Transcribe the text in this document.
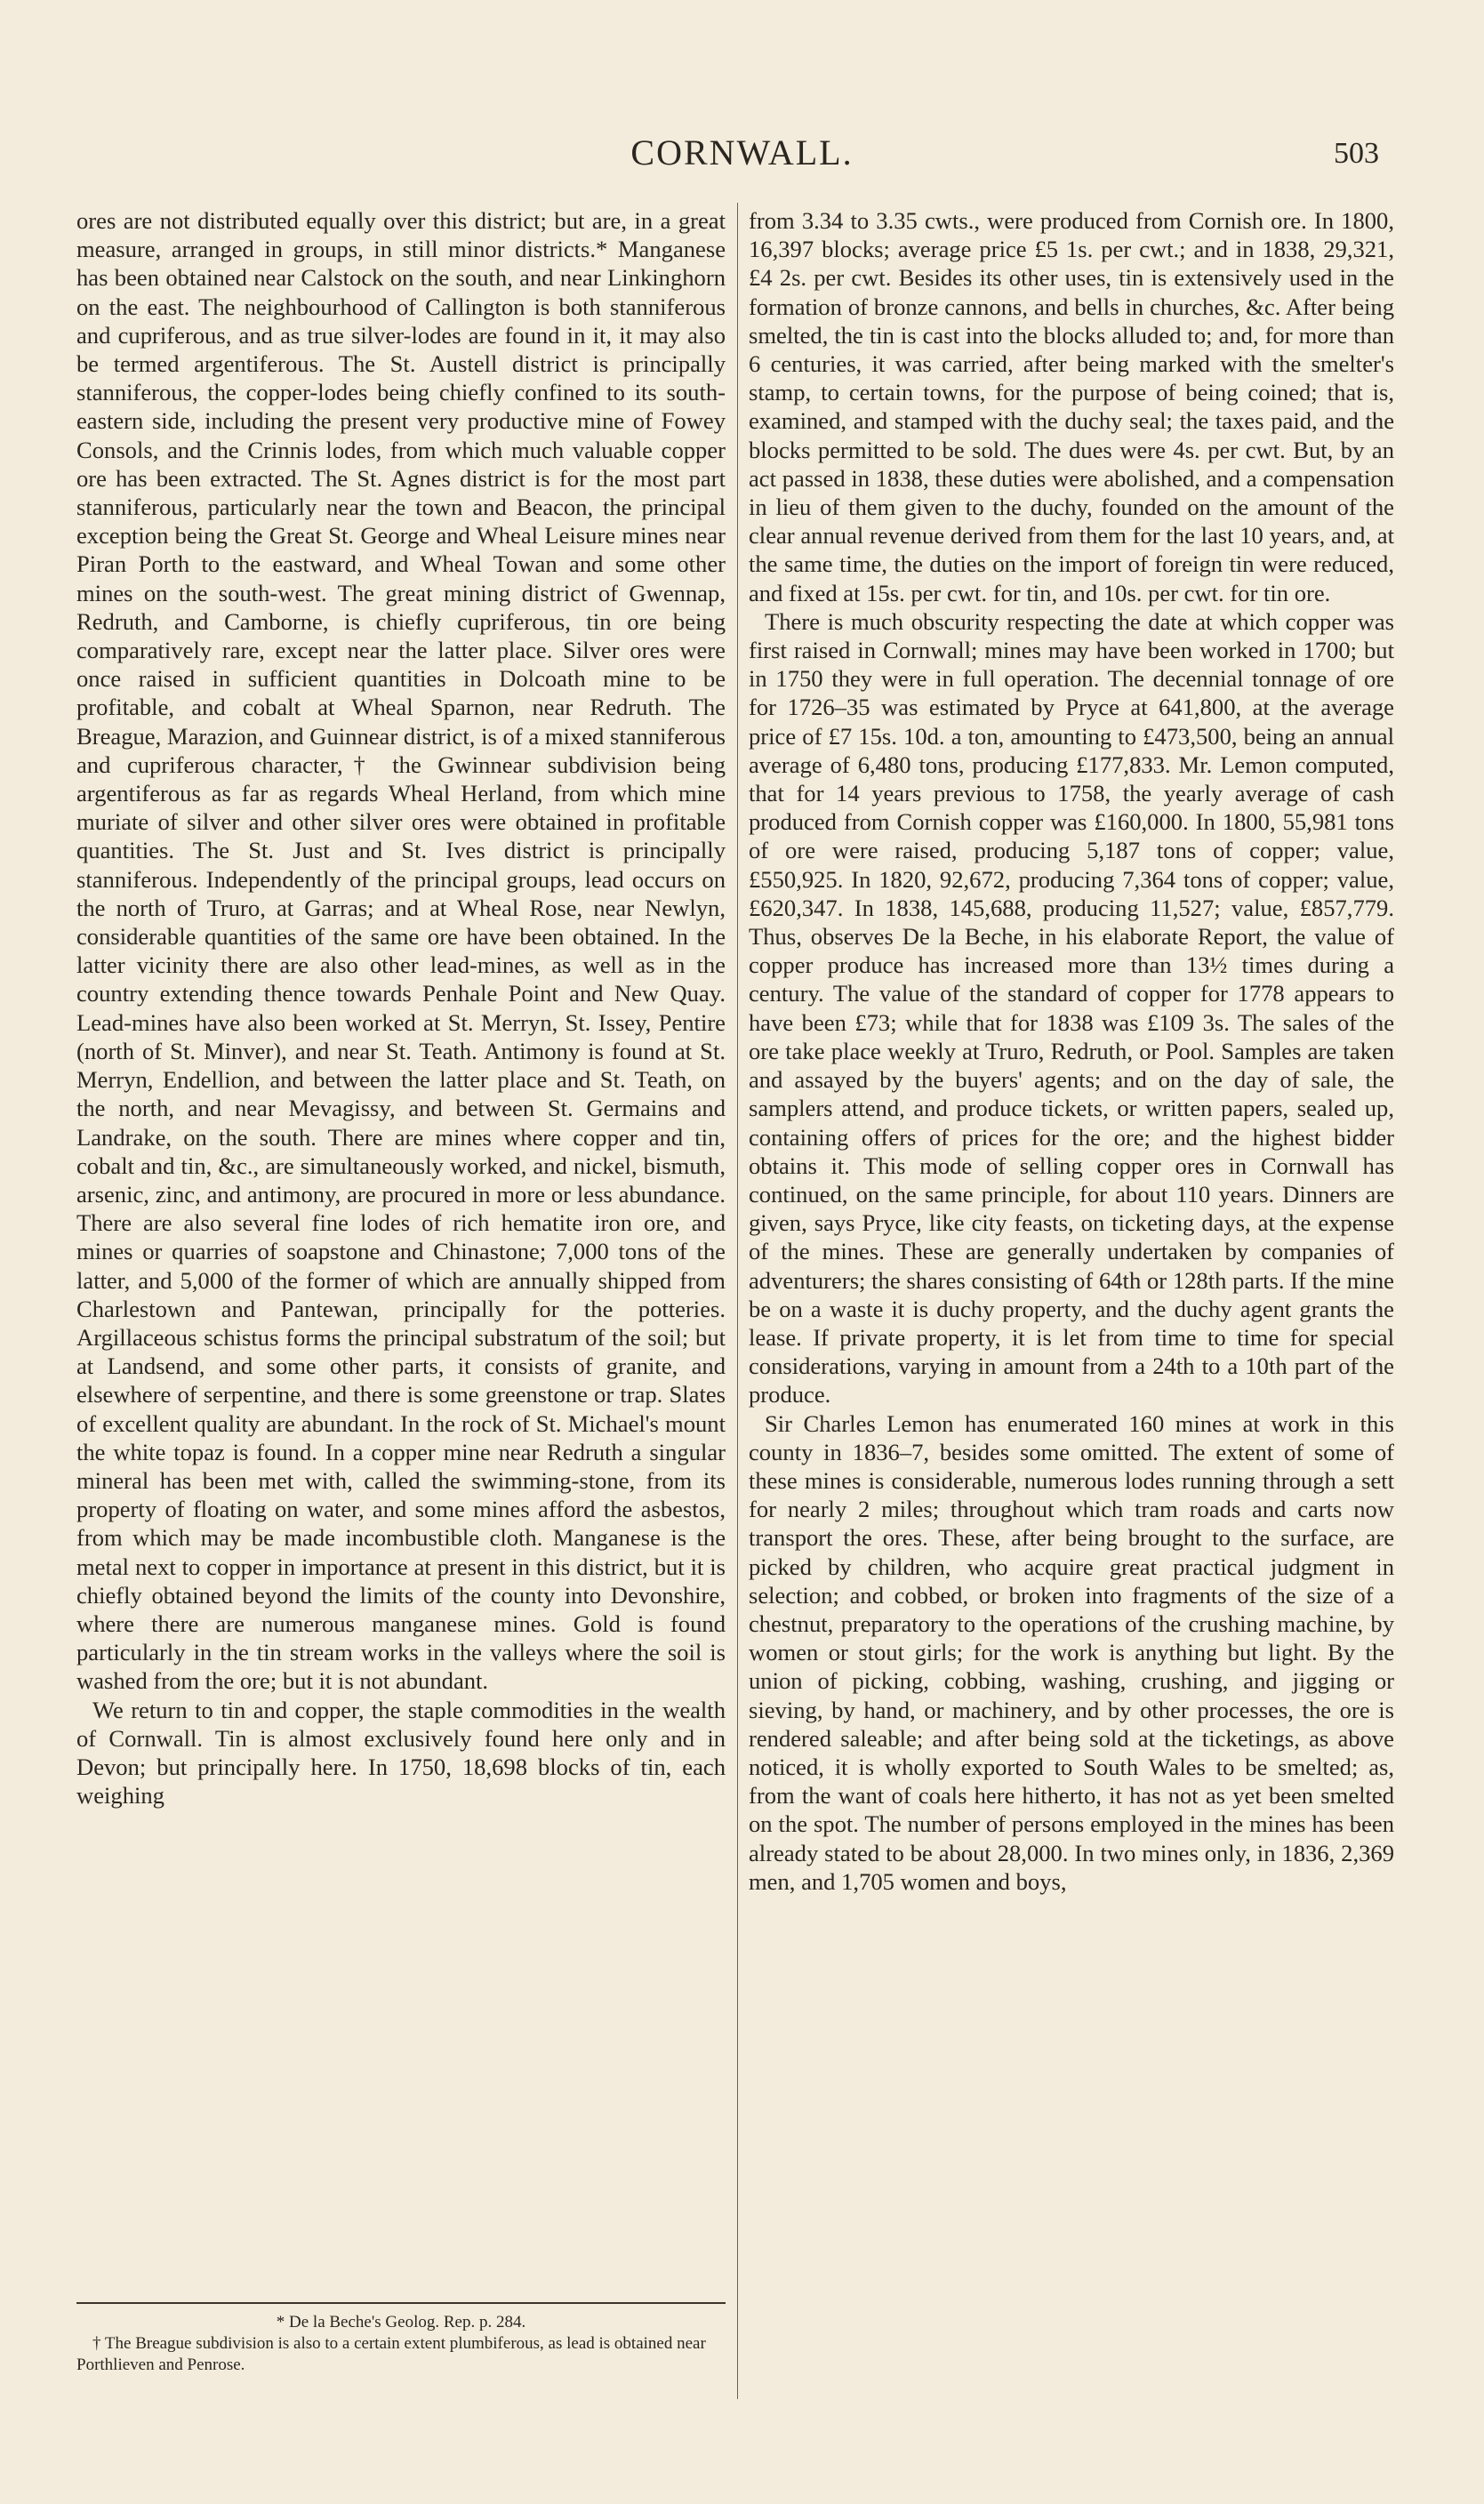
CORNWALL.	503

ores are not distributed equally over this district; but are, in a great measure, arranged in groups, in still minor districts.* Manganese has been obtained near Calstock on the south, and near Linkinghorn on the east. The neighbourhood of Callington is both stanniferous and cupriferous, and as true silver-lodes are found in it, it may also be termed argentiferous. The St. Austell district is principally stanniferous, the copper-lodes being chiefly confined to its south-eastern side, including the present very productive mine of Fowey Consols, and the Crinnis lodes, from which much valuable copper ore has been extracted. The St. Agnes district is for the most part stanniferous, particularly near the town and Beacon, the principal exception being the Great St. George and Wheal Leisure mines near Piran Porth to the eastward, and Wheal Towan and some other mines on the south-west. The great mining district of Gwennap, Redruth, and Camborne, is chiefly cupriferous, tin ore being comparatively rare, except near the latter place. Silver ores were once raised in sufficient quantities in Dolcoath mine to be profitable, and cobalt at Wheal Sparnon, near Redruth. The Breague, Marazion, and Guinnear district, is of a mixed stanniferous and cupriferous character,† the Gwinnear subdivision being argentiferous as far as regards Wheal Herland, from which mine muriate of silver and other silver ores were obtained in profitable quantities. The St. Just and St. Ives district is principally stanniferous. Independently of the principal groups, lead occurs on the north of Truro, at Garras; and at Wheal Rose, near Newlyn, considerable quantities of the same ore have been obtained. In the latter vicinity there are also other lead-mines, as well as in the country extending thence towards Penhale Point and New Quay. Lead-mines have also been worked at St. Merryn, St. Issey, Pentire (north of St. Minver), and near St. Teath. Antimony is found at St. Merryn, Endellion, and between the latter place and St. Teath, on the north, and near Mevagissy, and between St. Germains and Landrake, on the south. There are mines where copper and tin, cobalt and tin, &c., are simultaneously worked, and nickel, bismuth, arsenic, zinc, and antimony, are procured in more or less abundance. There are also several fine lodes of rich hematite iron ore, and mines or quarries of soapstone and Chinastone; 7,000 tons of the latter, and 5,000 of the former of which are annually shipped from Charlestown and Pantewan, principally for the potteries. Argillaceous schistus forms the principal substratum of the soil; but at Landsend, and some other parts, it consists of granite, and elsewhere of serpentine, and there is some greenstone or trap. Slates of excellent quality are abundant. In the rock of St. Michael's mount the white topaz is found. In a copper mine near Redruth a singular mineral has been met with, called the swimming-stone, from its property of floating on water, and some mines afford the asbestos, from which may be made incombustible cloth. Manganese is the metal next to copper in importance at present in this district, but it is chiefly obtained beyond the limits of the county into Devonshire, where there are numerous manganese mines. Gold is found particularly in the tin stream works in the valleys where the soil is washed from the ore; but it is not abundant.

We return to tin and copper, the staple commodities in the wealth of Cornwall. Tin is almost exclusively found here only and in Devon; but principally here. In 1750, 18,698 blocks of tin, each weighing

from 3.34 to 3.35 cwts., were produced from Cornish ore. In 1800, 16,397 blocks; average price £5 1s. per cwt.; and in 1838, 29,321, £4 2s. per cwt. Besides its other uses, tin is extensively used in the formation of bronze cannons, and bells in churches, &c. After being smelted, the tin is cast into the blocks alluded to; and, for more than 6 centuries, it was carried, after being marked with the smelter's stamp, to certain towns, for the purpose of being coined; that is, examined, and stamped with the duchy seal; the taxes paid, and the blocks permitted to be sold. The dues were 4s. per cwt. But, by an act passed in 1838, these duties were abolished, and a compensation in lieu of them given to the duchy, founded on the amount of the clear annual revenue derived from them for the last 10 years, and, at the same time, the duties on the import of foreign tin were reduced, and fixed at 15s. per cwt. for tin, and 10s. per cwt. for tin ore.

There is much obscurity respecting the date at which copper was first raised in Cornwall; mines may have been worked in 1700; but in 1750 they were in full operation. The decennial tonnage of ore for 1726–35 was estimated by Pryce at 641,800, at the average price of £7 15s. 10d. a ton, amounting to £473,500, being an annual average of 6,480 tons, producing £177,833. Mr. Lemon computed, that for 14 years previous to 1758, the yearly average of cash produced from Cornish copper was £160,000. In 1800, 55,981 tons of ore were raised, producing 5,187 tons of copper; value, £550,925. In 1820, 92,672, producing 7,364 tons of copper; value, £620,347. In 1838, 145,688, producing 11,527; value, £857,779. Thus, observes De la Beche, in his elaborate Report, the value of copper produce has increased more than 13½ times during a century. The value of the standard of copper for 1778 appears to have been £73; while that for 1838 was £109 3s. The sales of the ore take place weekly at Truro, Redruth, or Pool. Samples are taken and assayed by the buyers' agents; and on the day of sale, the samplers attend, and produce tickets, or written papers, sealed up, containing offers of prices for the ore; and the highest bidder obtains it. This mode of selling copper ores in Cornwall has continued, on the same principle, for about 110 years. Dinners are given, says Pryce, like city feasts, on ticketing days, at the expense of the mines. These are generally undertaken by companies of adventurers; the shares consisting of 64th or 128th parts. If the mine be on a waste it is duchy property, and the duchy agent grants the lease. If private property, it is let from time to time for special considerations, varying in amount from a 24th to a 10th part of the produce.

Sir Charles Lemon has enumerated 160 mines at work in this county in 1836–7, besides some omitted. The extent of some of these mines is considerable, numerous lodes running through a sett for nearly 2 miles; throughout which tram roads and carts now transport the ores. These, after being brought to the surface, are picked by children, who acquire great practical judgment in selection; and cobbed, or broken into fragments of the size of a chestnut, preparatory to the operations of the crushing machine, by women or stout girls; for the work is anything but light. By the union of picking, cobbing, washing, crushing, and jigging or sieving, by hand, or machinery, and by other processes, the ore is rendered saleable; and after being sold at the ticketings, as above noticed, it is wholly exported to South Wales to be smelted; as, from the want of coals here hitherto, it has not as yet been smelted on the spot. The number of persons employed in the mines has been already stated to be about 28,000. In two mines only, in 1836, 2,369 men, and 1,705 women and boys,

* De la Beche's Geolog. Rep. p. 284.

† The Breague subdivision is also to a certain extent plumbiferous, as lead is obtained near Porthlieven and Penrose.
